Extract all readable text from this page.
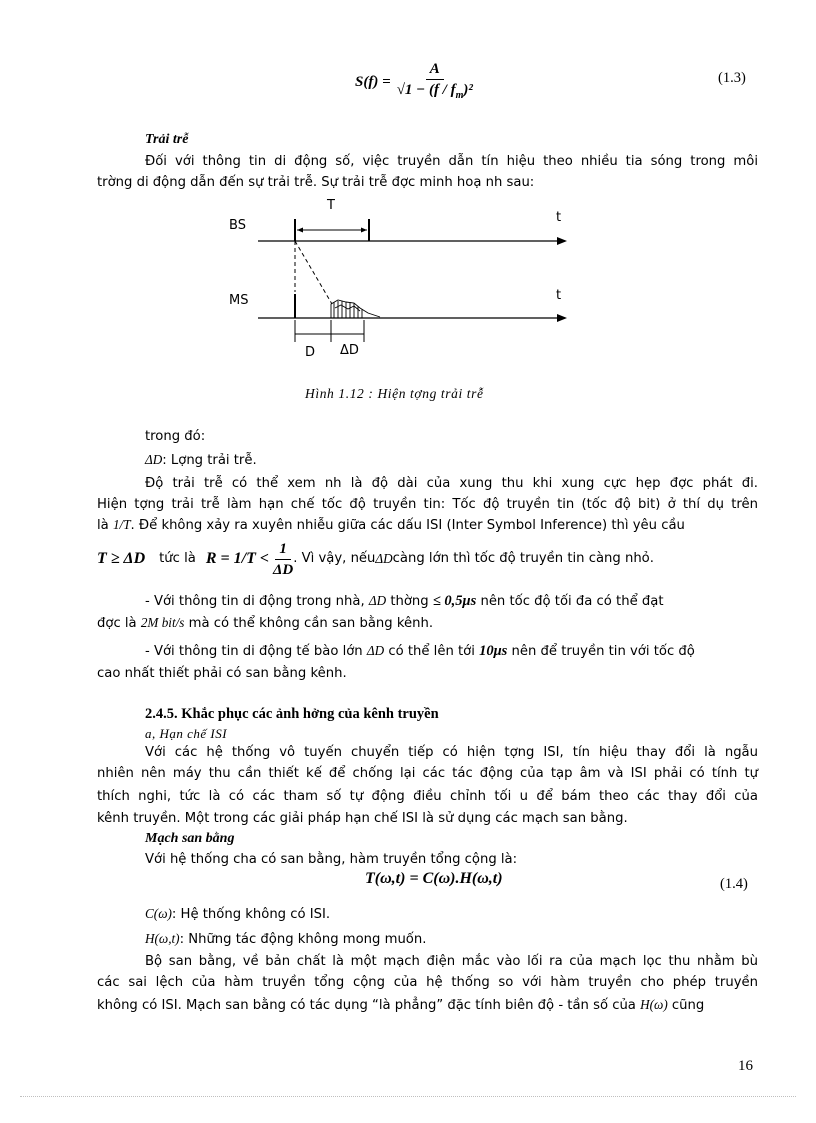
$S(f) = \frac{A}{√1 - (f / f_m)^2}$	(1.3)
Trải trễ
Đối với thông tin di động số, việc truyền dẫn tín hiệu theo nhiều tia sóng trong môi
trờng di động dẫn đến sự trải trễ. Sự trải trễ đợc minh hoạ nh sau:
BS
MS
T
t
t
D ΔD
Hình 1.12 : Hiện tợng trải trễ
trong đó:
ΔD: Lợng trải trễ.
Độ trải trễ có thể xem nh là độ dài của xung thu khi xung cực hẹp đợc phát đi.
Hiện tợng trải trễ làm hạn chế tốc độ truyền tin: Tốc độ truyền tin (tốc độ bit) ở thí dụ trên
là 1/T. Để không xảy ra xuyên nhiễu giữa các dấu ISI (Inter Symbol Inference) thì yêu cầu
T ≥ ΔD tức là $R = 1/T < \frac{1}{\Delta D}$ . Vì vậy, nếu ΔD càng lớn thì tốc độ truyền tin càng nhỏ.
- Với thông tin di động trong nhà, ΔD thờng ≤ 0,5μs nên tốc độ tối đa có thể đạt
đợc là 2M bit/s mà có thể không cần san bằng kênh.
- Với thông tin di động tế bào lớn ΔD có thể lên tới 10μs nên để truyền tin với tốc độ
cao nhất thiết phải có san bằng kênh.
2.4.5. Khắc phục các ảnh hởng của kênh truyền
a, Hạn chế ISI
Với các hệ thống vô tuyến chuyển tiếp có hiện tợng ISI, tín hiệu thay đổi là ngẫu
nhiên nên máy thu cần thiết kế để chống lại các tác động của tạp âm và ISI phải có tính tự
thích nghi, tức là có các tham số tự động điều chỉnh tối u để bám theo các thay đổi của
kênh truyền. Một trong các giải pháp hạn chế ISI là sử dụng các mạch san bằng.
Mạch san bằng
Với hệ thống cha có san bằng, hàm truyền tổng cộng là:
T(ω,t) = C(ω).H(ω,t)	(1.4)
C(ω): Hệ thống không có ISI.
H(ω,t): Những tác động không mong muốn.
Bộ san bằng, về bản chất là một mạch điện mắc vào lối ra của mạch lọc thu nhằm bù
các sai lệch của hàm truyền tổng cộng của hệ thống so với hàm truyền cho phép truyền
không có ISI. Mạch san bằng có tác dụng “là phẳng” đặc tính biên độ - tần số của H(ω) cũng
16
